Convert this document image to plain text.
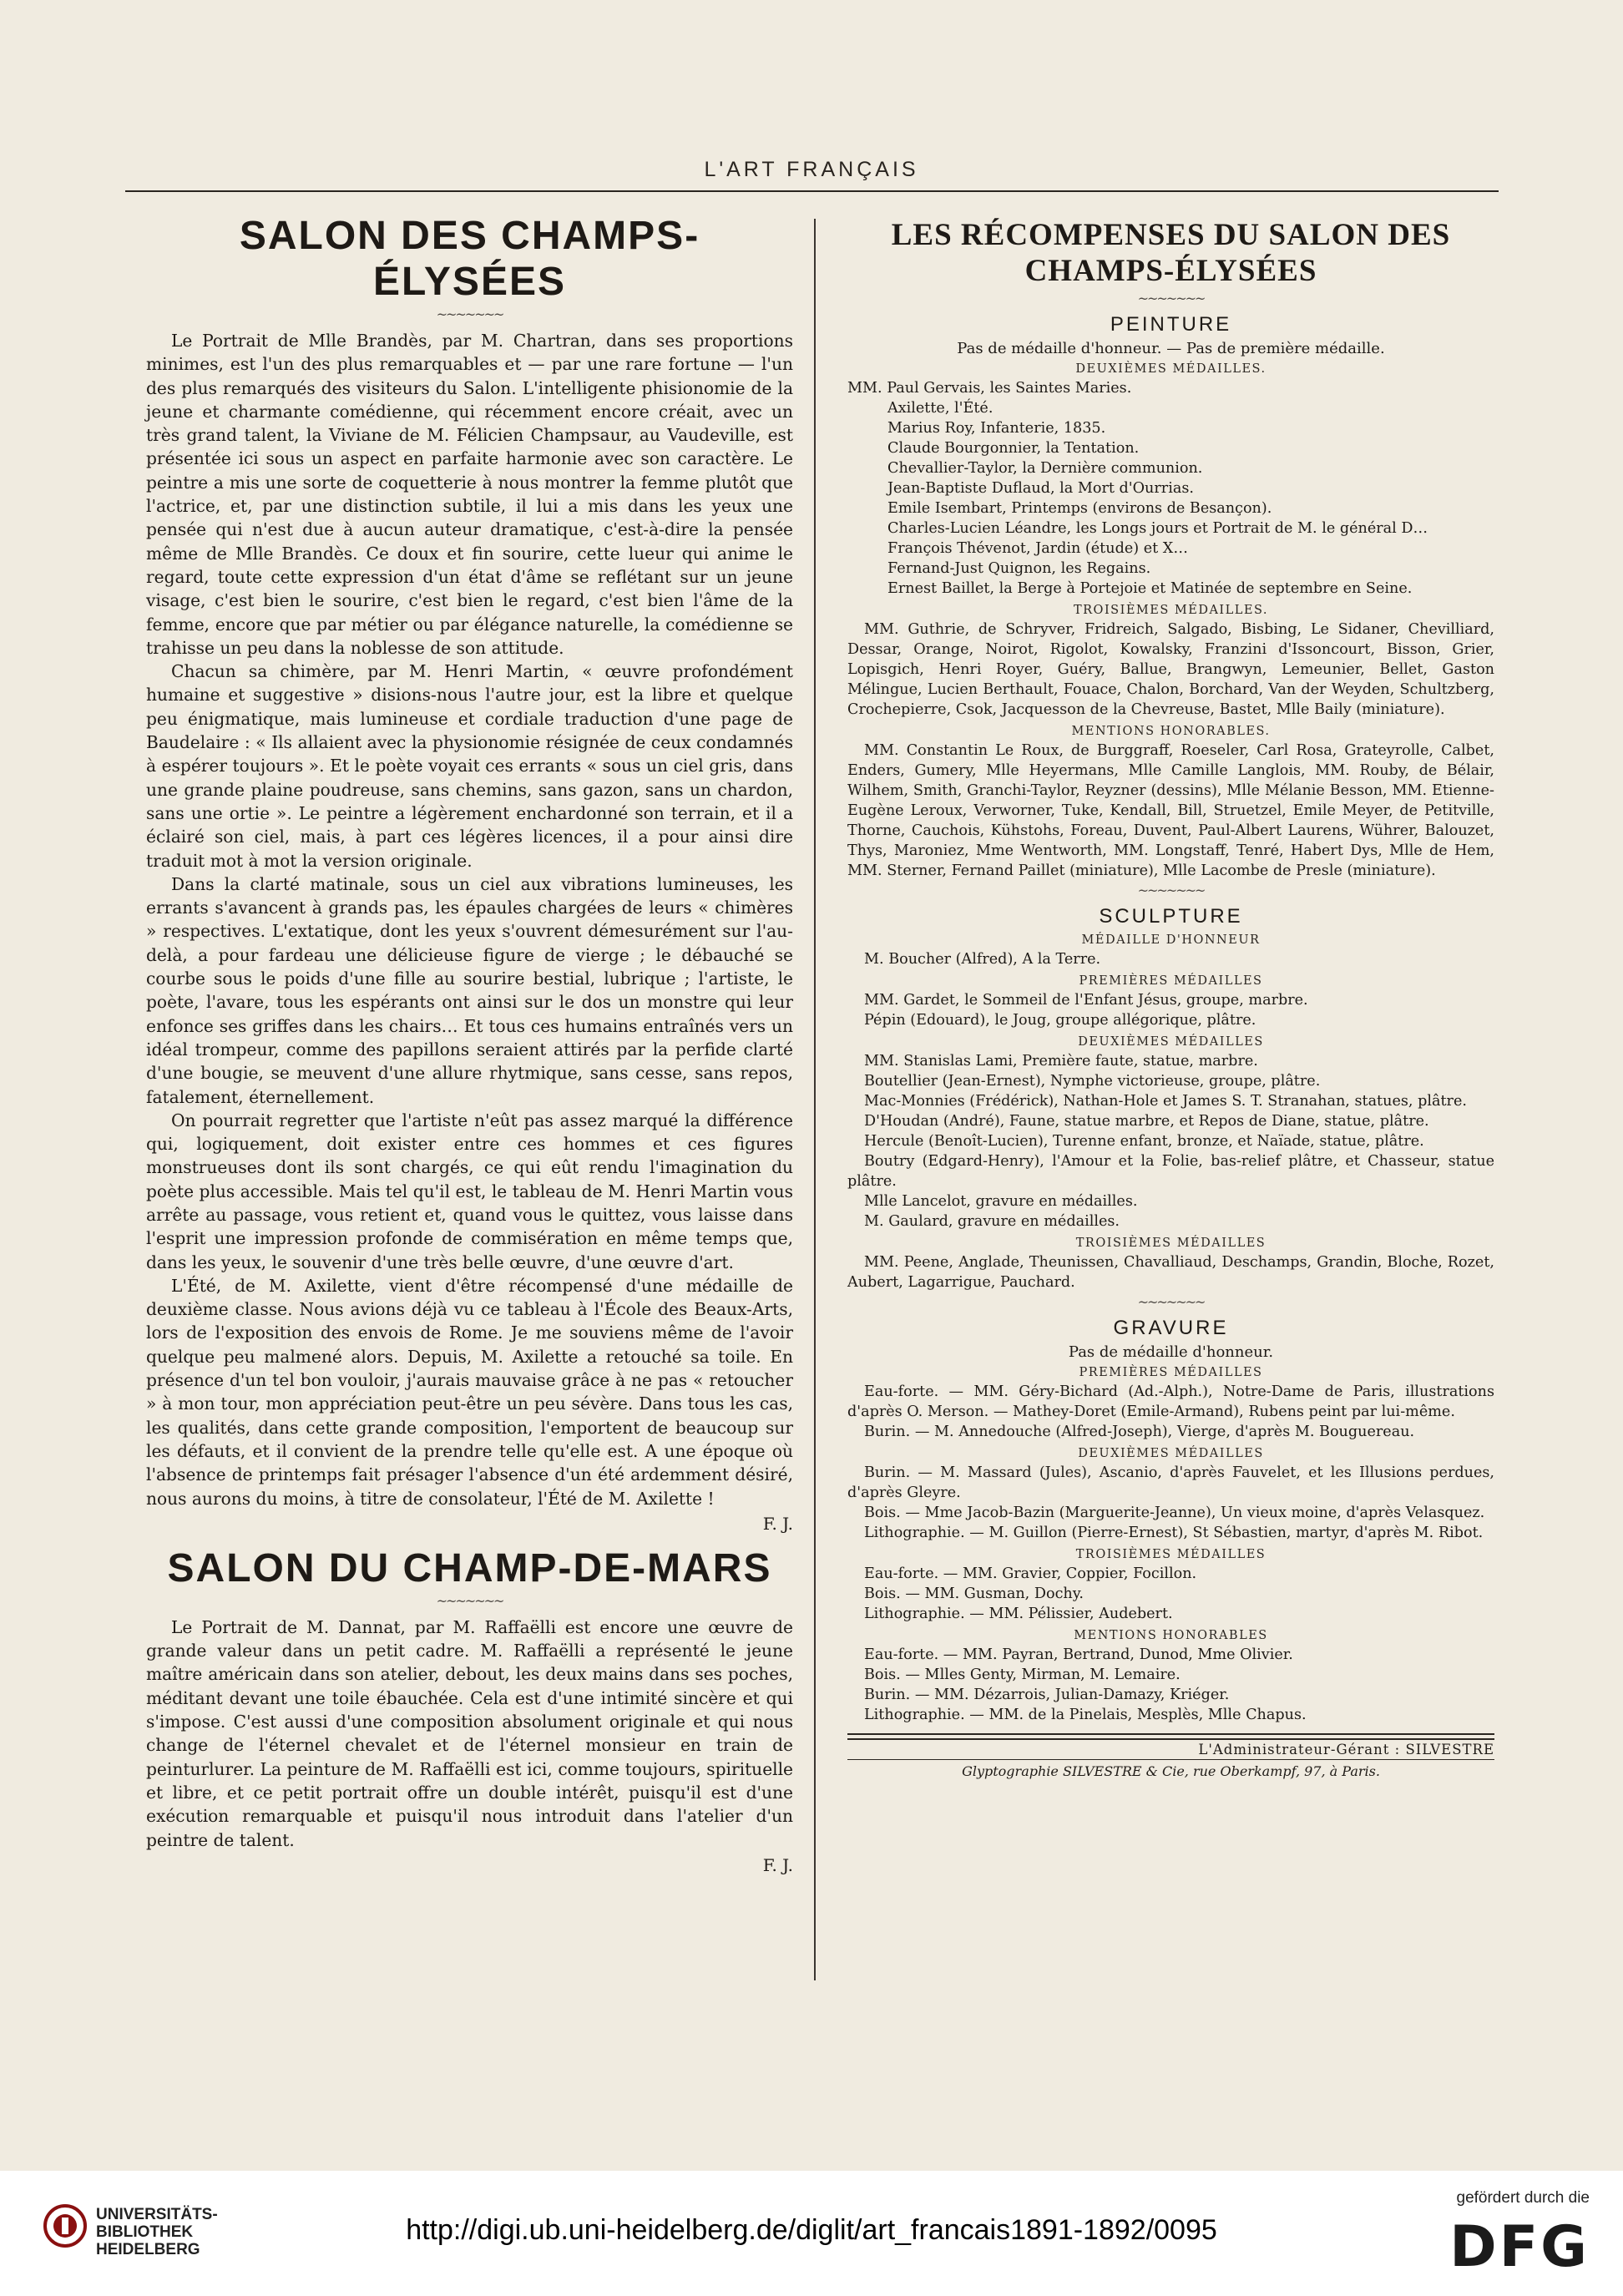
L'ART FRANÇAIS
SALON DES CHAMPS-ÉLYSÉES
~~~~~~~

Le Portrait de Mlle Brandès, par M. Chartran, dans ses proportions minimes, est l'un des plus remarquables et — par une rare fortune — l'un des plus remarqués des visiteurs du Salon. L'intelligente phisionomie de la jeune et charmante comédienne, qui récemment encore créait, avec un très grand talent, la Viviane de M. Félicien Champsaur, au Vaudeville, est présentée ici sous un aspect en parfaite harmonie avec son caractère. Le peintre a mis une sorte de coquetterie à nous montrer la femme plutôt que l'actrice, et, par une distinction subtile, il lui a mis dans les yeux une pensée qui n'est due à aucun auteur dramatique, c'est-à-dire la pensée même de Mlle Brandès. Ce doux et fin sourire, cette lueur qui anime le regard, toute cette expression d'un état d'âme se reflétant sur un jeune visage, c'est bien le sourire, c'est bien le regard, c'est bien l'âme de la femme, encore que par métier ou par élégance naturelle, la comédienne se trahisse un peu dans la noblesse de son attitude.

Chacun sa chimère, par M. Henri Martin, « œuvre profondément humaine et suggestive » disions-nous l'autre jour, est la libre et quelque peu énigmatique, mais lumineuse et cordiale traduction d'une page de Baudelaire : « Ils allaient avec la physionomie résignée de ceux condamnés à espérer toujours ». Et le poète voyait ces errants « sous un ciel gris, dans une grande plaine poudreuse, sans chemins, sans gazon, sans un chardon, sans une ortie ». Le peintre a légèrement enchardonné son terrain, et il a éclairé son ciel, mais, à part ces légères licences, il a pour ainsi dire traduit mot à mot la version originale.

Dans la clarté matinale, sous un ciel aux vibrations lumineuses, les errants s'avancent à grands pas, les épaules chargées de leurs « chimères » respectives. L'extatique, dont les yeux s'ouvrent démesurément sur l'au-delà, a pour fardeau une délicieuse figure de vierge ; le débauché se courbe sous le poids d'une fille au sourire bestial, lubrique ; l'artiste, le poète, l'avare, tous les espérants ont ainsi sur le dos un monstre qui leur enfonce ses griffes dans les chairs… Et tous ces humains entraînés vers un idéal trompeur, comme des papillons seraient attirés par la perfide clarté d'une bougie, se meuvent d'une allure rhytmique, sans cesse, sans repos, fatalement, éternellement.

On pourrait regretter que l'artiste n'eût pas assez marqué la différence qui, logiquement, doit exister entre ces hommes et ces figures monstrueuses dont ils sont chargés, ce qui eût rendu l'imagination du poète plus accessible. Mais tel qu'il est, le tableau de M. Henri Martin vous arrête au passage, vous retient et, quand vous le quittez, vous laisse dans l'esprit une impression profonde de commisération en même temps que, dans les yeux, le souvenir d'une très belle œuvre, d'une œuvre d'art.

L'Été, de M. Axilette, vient d'être récompensé d'une médaille de deuxième classe. Nous avions déjà vu ce tableau à l'École des Beaux-Arts, lors de l'exposition des envois de Rome. Je me souviens même de l'avoir quelque peu malmené alors. Depuis, M. Axilette a retouché sa toile. En présence d'un tel bon vouloir, j'aurais mauvaise grâce à ne pas « retoucher » à mon tour, mon appréciation peut-être un peu sévère. Dans tous les cas, les qualités, dans cette grande composition, l'emportent de beaucoup sur les défauts, et il convient de la prendre telle qu'elle est. A une époque où l'absence de printemps fait présager l'absence d'un été ardemment désiré, nous aurons du moins, à titre de consolateur, l'Été de M. Axilette !

F. J.
SALON DU CHAMP-DE-MARS
~~~~~~~

Le Portrait de M. Dannat, par M. Raffaëlli est encore une œuvre de grande valeur dans un petit cadre. M. Raffaëlli a représenté le jeune maître américain dans son atelier, debout, les deux mains dans ses poches, méditant devant une toile ébauchée. Cela est d'une intimité sincère et qui s'impose. C'est aussi d'une composition absolument originale et qui nous change de l'éternel chevalet et de l'éternel monsieur en train de peinturlurer. La peinture de M. Raffaëlli est ici, comme toujours, spirituelle et libre, et ce petit portrait offre un double intérêt, puisqu'il est d'une exécution remarquable et puisqu'il nous introduit dans l'atelier d'un peintre de talent.

F. J.
LES RÉCOMPENSES DU SALON DES CHAMPS-ÉLYSÉES
~~~~~~~
PEINTURE
Pas de médaille d'honneur. — Pas de première médaille.
DEUXIÈMES MÉDAILLES.
MM. Paul Gervais, les Saintes Maries.
Axilette, l'Été.
Marius Roy, Infanterie, 1835.
Claude Bourgonnier, la Tentation.
Chevallier-Taylor, la Dernière communion.
Jean-Baptiste Duflaud, la Mort d'Ourrias.
Emile Isembart, Printemps (environs de Besançon).
Charles-Lucien Léandre, les Longs jours et Portrait de M. le général D…
François Thévenot, Jardin (étude) et X…
Fernand-Just Quignon, les Regains.
Ernest Baillet, la Berge à Portejoie et Matinée de septembre en Seine.
TROISIÈMES MÉDAILLES.

MM. Guthrie, de Schryver, Fridreich, Salgado, Bisbing, Le Sidaner, Chevilliard, Dessar, Orange, Noirot, Rigolot, Kowalsky, Franzini d'Issoncourt, Bisson, Grier, Lopisgich, Henri Royer, Guéry, Ballue, Brangwyn, Lemeunier, Bellet, Gaston Mélingue, Lucien Berthault, Fouace, Chalon, Borchard, Van der Weyden, Schultzberg, Crochepierre, Csok, Jacquesson de la Chevreuse, Bastet, Mlle Baily (miniature).

MENTIONS HONORABLES.

MM. Constantin Le Roux, de Burggraff, Roeseler, Carl Rosa, Grateyrolle, Calbet, Enders, Gumery, Mlle Heyermans, Mlle Camille Langlois, MM. Rouby, de Bélair, Wilhem, Smith, Granchi-Taylor, Reyzner (dessins), Mlle Mélanie Besson, MM. Etienne-Eugène Leroux, Verworner, Tuke, Kendall, Bill, Struetzel, Emile Meyer, de Petitville, Thorne, Cauchois, Kühstohs, Foreau, Duvent, Paul-Albert Laurens, Wührer, Balouzet, Thys, Maroniez, Mme Wentworth, MM. Longstaff, Tenré, Habert Dys, Mlle de Hem, MM. Sterner, Fernand Paillet (miniature), Mlle Lacombe de Presle (miniature).

~~~~~~~
SCULPTURE
MÉDAILLE D'HONNEUR

M. Boucher (Alfred), A la Terre.

PREMIÈRES MÉDAILLES
MM. Gardet, le Sommeil de l'Enfant Jésus, groupe, marbre.
Pépin (Edouard), le Joug, groupe allégorique, plâtre.
DEUXIÈMES MÉDAILLES
MM. Stanislas Lami, Première faute, statue, marbre.
Boutellier (Jean-Ernest), Nymphe victorieuse, groupe, plâtre.
Mac-Monnies (Frédérick), Nathan-Hole et James S. T. Stranahan, statues, plâtre.
D'Houdan (André), Faune, statue marbre, et Repos de Diane, statue, plâtre.
Hercule (Benoît-Lucien), Turenne enfant, bronze, et Naïade, statue, plâtre.
Boutry (Edgard-Henry), l'Amour et la Folie, bas-relief plâtre, et Chasseur, statue plâtre.
Mlle Lancelot, gravure en médailles.
M. Gaulard, gravure en médailles.
TROISIÈMES MÉDAILLES

MM. Peene, Anglade, Theunissen, Chavalliaud, Deschamps, Grandin, Bloche, Rozet, Aubert, Lagarrigue, Pauchard.

~~~~~~~
GRAVURE
Pas de médaille d'honneur.
PREMIÈRES MÉDAILLES
Eau-forte. — MM. Géry-Bichard (Ad.-Alph.), Notre-Dame de Paris, illustrations d'après O. Merson. — Mathey-Doret (Emile-Armand), Rubens peint par lui-même.
Burin. — M. Annedouche (Alfred-Joseph), Vierge, d'après M. Bouguereau.
DEUXIÈMES MÉDAILLES
Burin. — M. Massard (Jules), Ascanio, d'après Fauvelet, et les Illusions perdues, d'après Gleyre.
Bois. — Mme Jacob-Bazin (Marguerite-Jeanne), Un vieux moine, d'après Velasquez.
Lithographie. — M. Guillon (Pierre-Ernest), St Sébastien, martyr, d'après M. Ribot.
TROISIÈMES MÉDAILLES
Eau-forte. — MM. Gravier, Coppier, Focillon.
Bois. — MM. Gusman, Dochy.
Lithographie. — MM. Pélissier, Audebert.
MENTIONS HONORABLES
Eau-forte. — MM. Payran, Bertrand, Dunod, Mme Olivier.
Bois. — Mlles Genty, Mirman, M. Lemaire.
Burin. — MM. Dézarrois, Julian-Damazy, Kriéger.
Lithographie. — MM. de la Pinelais, Mesplès, Mlle Chapus.
L'Administrateur-Gérant : SILVESTRE
Glyptographie SILVESTRE & Cie, rue Oberkampf, 97, à Paris.
UNIVERSITÄTS-
BIBLIOTHEK
HEIDELBERG
http://digi.ub.uni-heidelberg.de/diglit/art_francais1891-1892/0095
gefördert durch die
DFG
